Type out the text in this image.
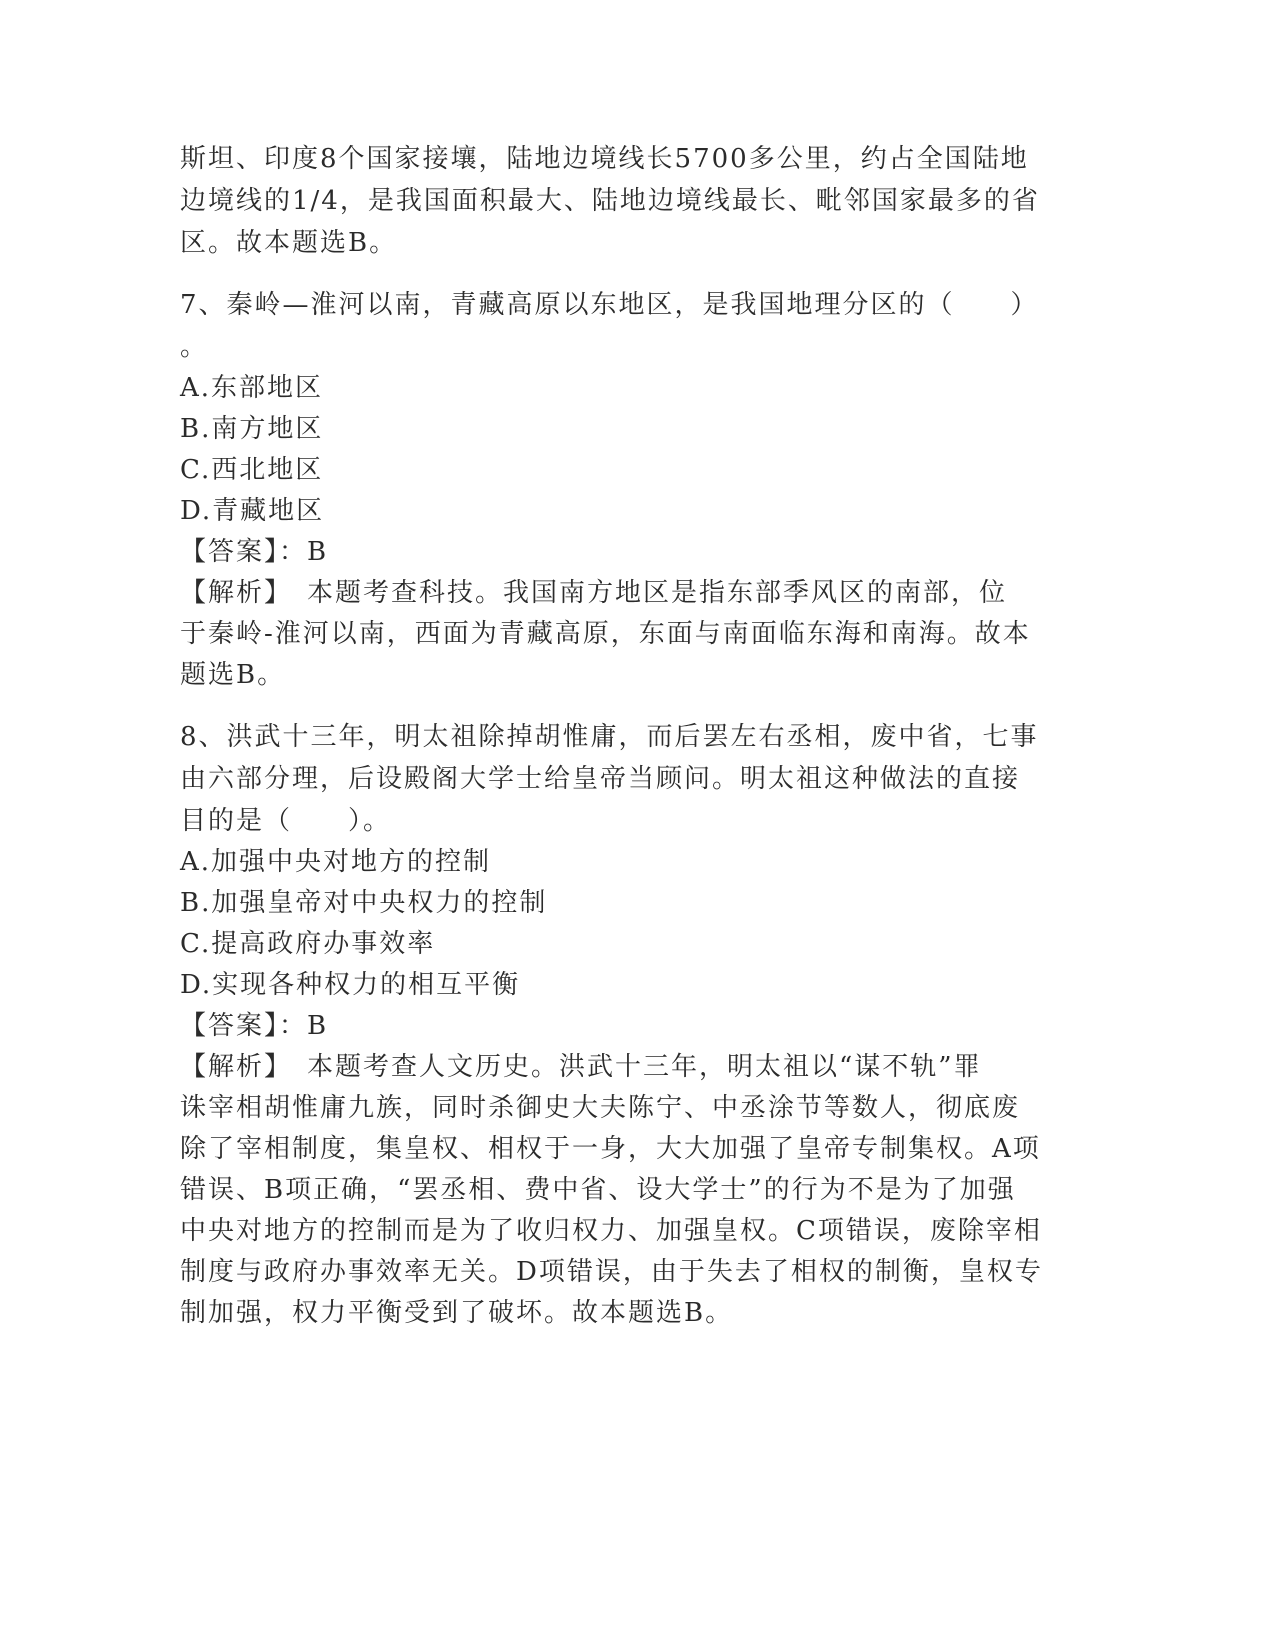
斯坦、印度8个国家接壤，陆地边境线长5700多公里，约占全国陆地
边境线的1/4，是我国面积最大、陆地边境线最长、毗邻国家最多的省
区。故本题选B。
7、秦岭—淮河以南，青藏高原以东地区，是我国地理分区的（　　）
。
A.东部地区
B.南方地区
C.西北地区
D.青藏地区
【答案】：B
【解析】　本题考查科技。我国南方地区是指东部季风区的南部，位
于秦岭-淮河以南，西面为青藏高原，东面与南面临东海和南海。故本
题选B。
8、洪武十三年，明太祖除掉胡惟庸，而后罢左右丞相，废中省，七事
由六部分理，后设殿阁大学士给皇帝当顾问。明太祖这种做法的直接
目的是（　　）。
A.加强中央对地方的控制
B.加强皇帝对中央权力的控制
C.提高政府办事效率
D.实现各种权力的相互平衡
【答案】：B
【解析】　本题考查人文历史。洪武十三年，明太祖以“谋不轨”罪
诛宰相胡惟庸九族，同时杀御史大夫陈宁、中丞涂节等数人，彻底废
除了宰相制度，集皇权、相权于一身，大大加强了皇帝专制集权。A项
错误、B项正确，“罢丞相、费中省、设大学士”的行为不是为了加强
中央对地方的控制而是为了收归权力、加强皇权。C项错误，废除宰相
制度与政府办事效率无关。D项错误，由于失去了相权的制衡，皇权专
制加强，权力平衡受到了破坏。故本题选B。
